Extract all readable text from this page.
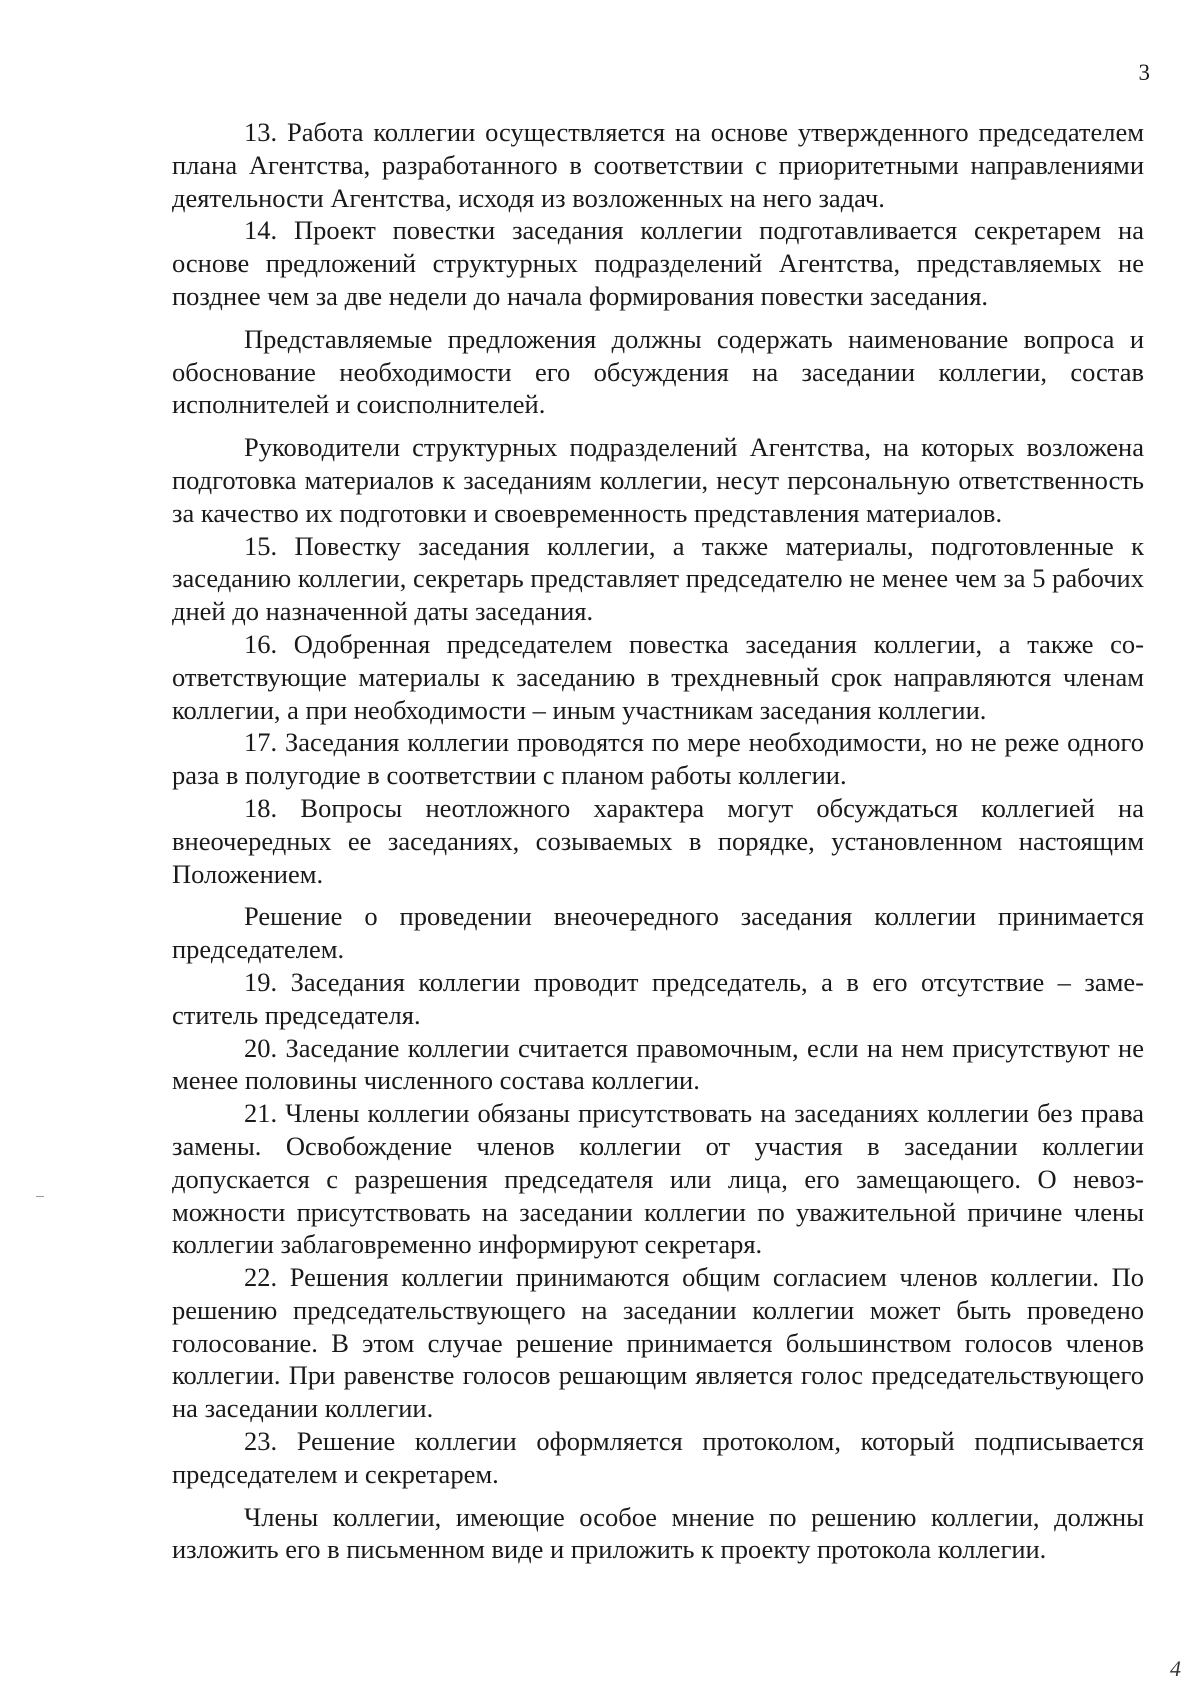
3

13. Работа коллегии осуществляется на основе утвержденного председателем плана Агентства, разработанного в соответствии с приоритетными направлениями деятельности Агентства, исходя из возложенных на него задач.

14. Проект повестки заседания коллегии подготавливается секретарем на основе предложений структурных подразделений Агентства, представляемых не позднее чем за две недели до начала формирования повестки заседания.

Представляемые предложения должны содержать наименование вопроса и обоснование необходимости его обсуждения на заседании коллегии, состав исполнителей и соисполнителей.

Руководители структурных подразделений Агентства, на которых возложена подготовка материалов к заседаниям коллегии, несут персональную ответственность за качество их подготовки и своевременность представления материалов.

15. Повестку заседания коллегии, а также материалы, подготовленные к заседанию коллегии, секретарь представляет председателю не менее чем за 5 рабочих дней до назначенной даты заседания.

16. Одобренная председателем повестка заседания коллегии, а также соответствующие материалы к заседанию в трехдневный срок направляются членам коллегии, а при необходимости – иным участникам заседания коллегии.

17. Заседания коллегии проводятся по мере необходимости, но не реже одного раза в полугодие в соответствии с планом работы коллегии.

18. Вопросы неотложного характера могут обсуждаться коллегией на внеочередных ее заседаниях, созываемых в порядке, установленном настоящим Положением.

Решение о проведении внеочередного заседания коллегии принимается председателем.

19. Заседания коллегии проводит председатель, а в его отсутствие – заместитель председателя.

20. Заседание коллегии считается правомочным, если на нем присутствуют не менее половины численного состава коллегии.

21. Члены коллегии обязаны присутствовать на заседаниях коллегии без права замены. Освобождение членов коллегии от участия в заседании коллегии допускается с разрешения председателя или лица, его замещающего. О невозможности присутствовать на заседании коллегии по уважительной причине члены коллегии заблаговременно информируют секретаря.

22. Решения коллегии принимаются общим согласием членов коллегии. По решению председательствующего на заседании коллегии может быть проведено голосование. В этом случае решение принимается большинством голосов членов коллегии. При равенстве голосов решающим является голос председательствующего на заседании коллегии.

23. Решение коллегии оформляется протоколом, который подписывается председателем и секретарем.

Члены коллегии, имеющие особое мнение по решению коллегии, должны изложить его в письменном виде и приложить к проекту протокола коллегии.

4
